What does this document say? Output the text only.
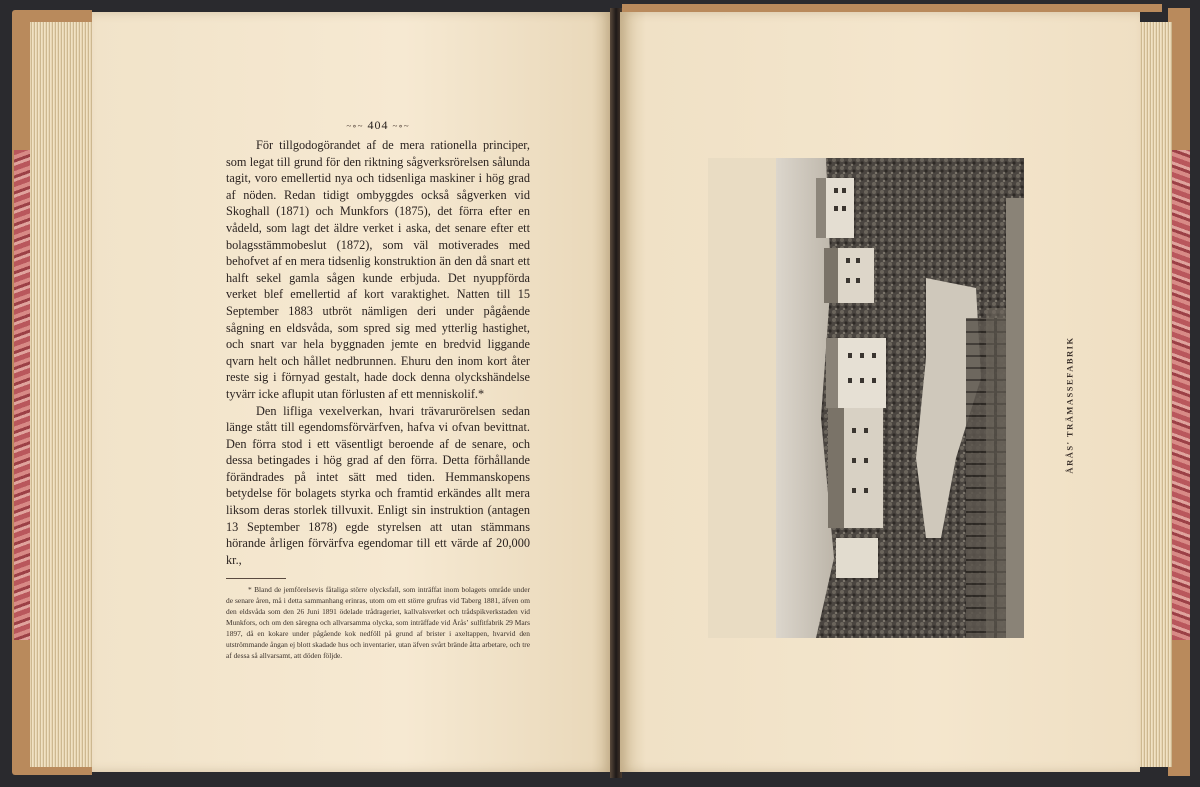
~∘~ 404 ~∘~

För tillgodogörandet af de mera rationella principer, som legat till grund för den riktning sågverksrörelsen sålunda tagit, voro emellertid nya och tidsenliga maskiner i hög grad af nöden. Redan tidigt ombyggdes också sågverken vid Skoghall (1871) och Munkfors (1875), det förra efter en vådeld, som lagt det äldre verket i aska, det senare efter ett bolagsstämmobeslut (1872), som väl motiverades med behofvet af en mera tidsenlig konstruktion än den då snart ett halft sekel gamla sågen kunde erbjuda. Det nyuppförda verket blef emellertid af kort varaktighet. Natten till 15 September 1883 utbröt nämligen deri under pågående sågning en eldsvåda, som spred sig med ytterlig hastighet, och snart var hela byggnaden jemte en bredvid liggande qvarn helt och hållet nedbrunnen. Ehuru den inom kort åter reste sig i förnyad gestalt, hade dock denna olyckshändelse tyvärr icke aflupit utan förlusten af ett menniskolif.*

Den lifliga vexelverkan, hvari trävarurörelsen sedan länge stått till egendomsförvärfven, hafva vi ofvan bevittnat. Den förra stod i ett väsentligt beroende af de senare, och dessa betingades i hög grad af den förra. Detta förhållande förändrades på intet sätt med tiden. Hemmanskopens betydelse för bolagets styrka och framtid erkändes allt mera liksom deras storlek tillvuxit. Enligt sin instruktion (antagen 13 September 1878) egde styrelsen att utan stämmans hörande årligen förvärfva egendomar till ett värde af 20,000 kr.,

* Bland de jemförelsevis fåtaliga större olycksfall, som inträffat inom bolagets område under de senare åren, må i detta sammanhang erinras, utom om ett större grufras vid Taberg 1881, äfven om den eldsvåda som den 26 Juni 1891 ödelade trådrageriet, kallvalsverket och trådspikverkstaden vid Munkfors, och om den säregna och allvarsamma olycka, som inträffade vid Åråsʼ sulfitfabrik 29 Mars 1897, då en kokare under pågående kok nedföll på grund af brister i axeltappen, hvarvid den utströmmande ångan ej blott skadade hus och inventarier, utan äfven svårt brände åtta arbetare, och tre af dessa så allvarsamt, att döden följde.

ÅRÅS' TRÄMASSEFABRIK
